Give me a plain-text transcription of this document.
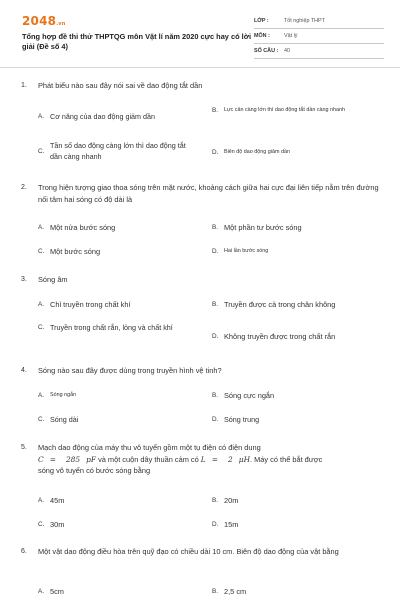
2048.vn
Tổng hợp đề thi thử THPTQG môn Vật lí năm 2020 cực hay có lời giải (Đề số 4)
LỚP :	Tốt nghiệp THPT
MÔN :	Vật lý
SỐ CÂU :	40
1. Phát biểu nào sau đây nói sai về dao động tắt dần
A. Cơ năng của dao động giảm dần
B.	Lực cản càng lớn thì dao động tắt dần càng nhanh
C.
Tần số dao động càng lớn thì dao động tắt dần càng nhanh	D.	Biên độ dao động giảm dần
2. Trong hiện tượng giao thoa sóng trên mặt nước, khoảng cách giữa hai cực đại liên tiếp nằm trên đường nối tâm hai sóng có độ dài là
A. Một nửa bước sóng	B. Một phần tư bước sóng
C. Một bước sóng	D.	Hai lần bước sóng
3. Sóng âm
A. Chỉ truyền trong chất khí	B. Truyền được cả trong chân không
C. Truyền trong chất rắn, lỏng và chất khí
D. Không truyền được trong chất rắn
4. Sóng nào sau đây được dùng trong truyền hình vệ tinh?
A.	Sóng ngắn	B. Sóng cực ngắn
C. Sóng dài	D. Sóng trung
5. Mạch dao động của máy thu vô tuyến gồm một tụ điện có điện dung
C = 285 pF và một cuộn dây thuần cảm có L = 2 μH. Máy có thể bắt được
sóng vô tuyến có bước sóng bằng
A. 45m	B. 20m
C. 30m	D. 15m
6. Một vật dao động điều hòa trên quỹ đạo có chiều dài 10 cm. Biên độ dao động của vật bằng
A. 5cm	B. 2,5 cm
